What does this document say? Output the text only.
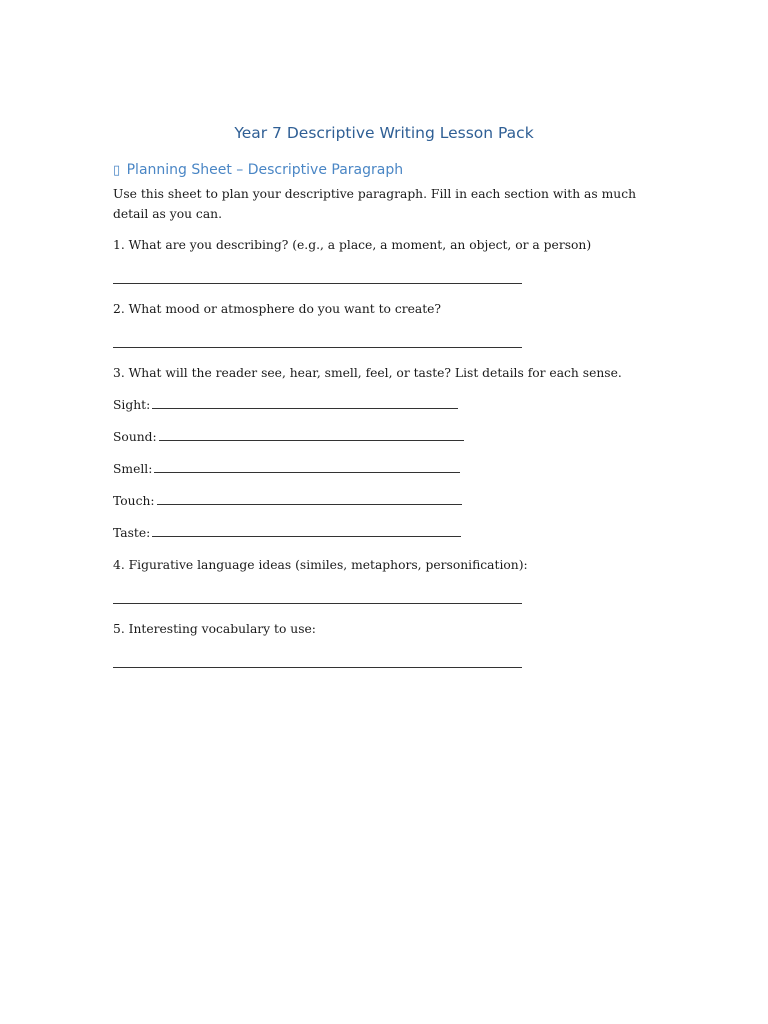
Year 7 Descriptive Writing Lesson Pack
▯ Planning Sheet – Descriptive Paragraph
Use this sheet to plan your descriptive paragraph. Fill in each section with as much detail as you can.
1. What are you describing? (e.g., a place, a moment, an object, or a person)
2. What mood or atmosphere do you want to create?
3. What will the reader see, hear, smell, feel, or taste? List details for each sense.
Sight:
Sound:
Smell:
Touch:
Taste:
4. Figurative language ideas (similes, metaphors, personification):
5. Interesting vocabulary to use:
